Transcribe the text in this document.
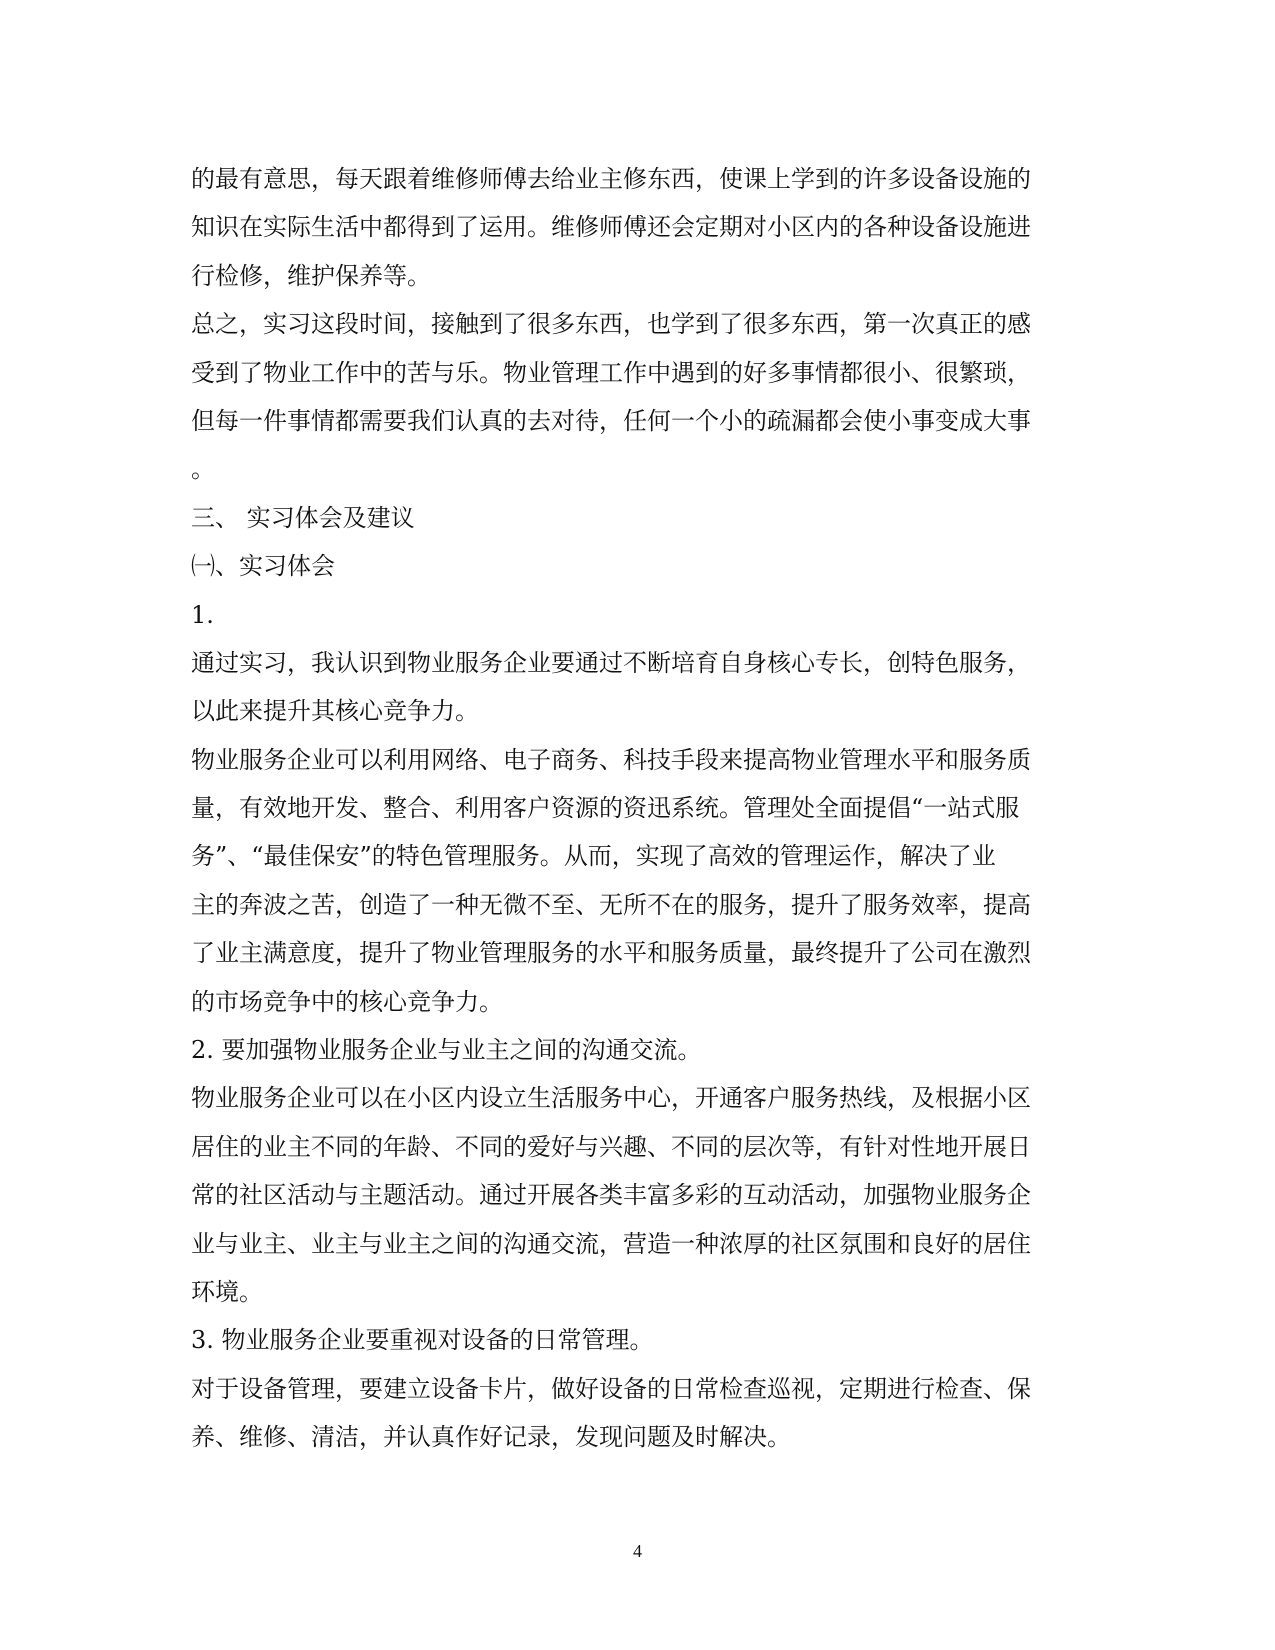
的最有意思，每天跟着维修师傅去给业主修东西，使课上学到的许多设备设施的
知识在实际生活中都得到了运用。维修师傅还会定期对小区内的各种设备设施进
行检修，维护保养等。
总之，实习这段时间，接触到了很多东西，也学到了很多东西，第一次真正的感
受到了物业工作中的苦与乐。物业管理工作中遇到的好多事情都很小、很繁琐，
但每一件事情都需要我们认真的去对待，任何一个小的疏漏都会使小事变成大事
。
三、 实习体会及建议
㈠、实习体会
1.
通过实习，我认识到物业服务企业要通过不断培育自身核心专长，创特色服务，
以此来提升其核心竞争力。
物业服务企业可以利用网络、电子商务、科技手段来提高物业管理水平和服务质
量，有效地开发、整合、利用客户资源的资迅系统。管理处全面提倡“一站式服
务”、“最佳保安”的特色管理服务。从而，实现了高效的管理运作，解决了业
主的奔波之苦，创造了一种无微不至、无所不在的服务，提升了服务效率，提高
了业主满意度，提升了物业管理服务的水平和服务质量，最终提升了公司在激烈
的市场竞争中的核心竞争力。
2. 要加强物业服务企业与业主之间的沟通交流。
物业服务企业可以在小区内设立生活服务中心，开通客户服务热线，及根据小区
居住的业主不同的年龄、不同的爱好与兴趣、不同的层次等，有针对性地开展日
常的社区活动与主题活动。通过开展各类丰富多彩的互动活动，加强物业服务企
业与业主、业主与业主之间的沟通交流，营造一种浓厚的社区氛围和良好的居住
环境。
3. 物业服务企业要重视对设备的日常管理。
对于设备管理，要建立设备卡片，做好设备的日常检查巡视，定期进行检查、保
养、维修、清洁，并认真作好记录，发现问题及时解决。
4
